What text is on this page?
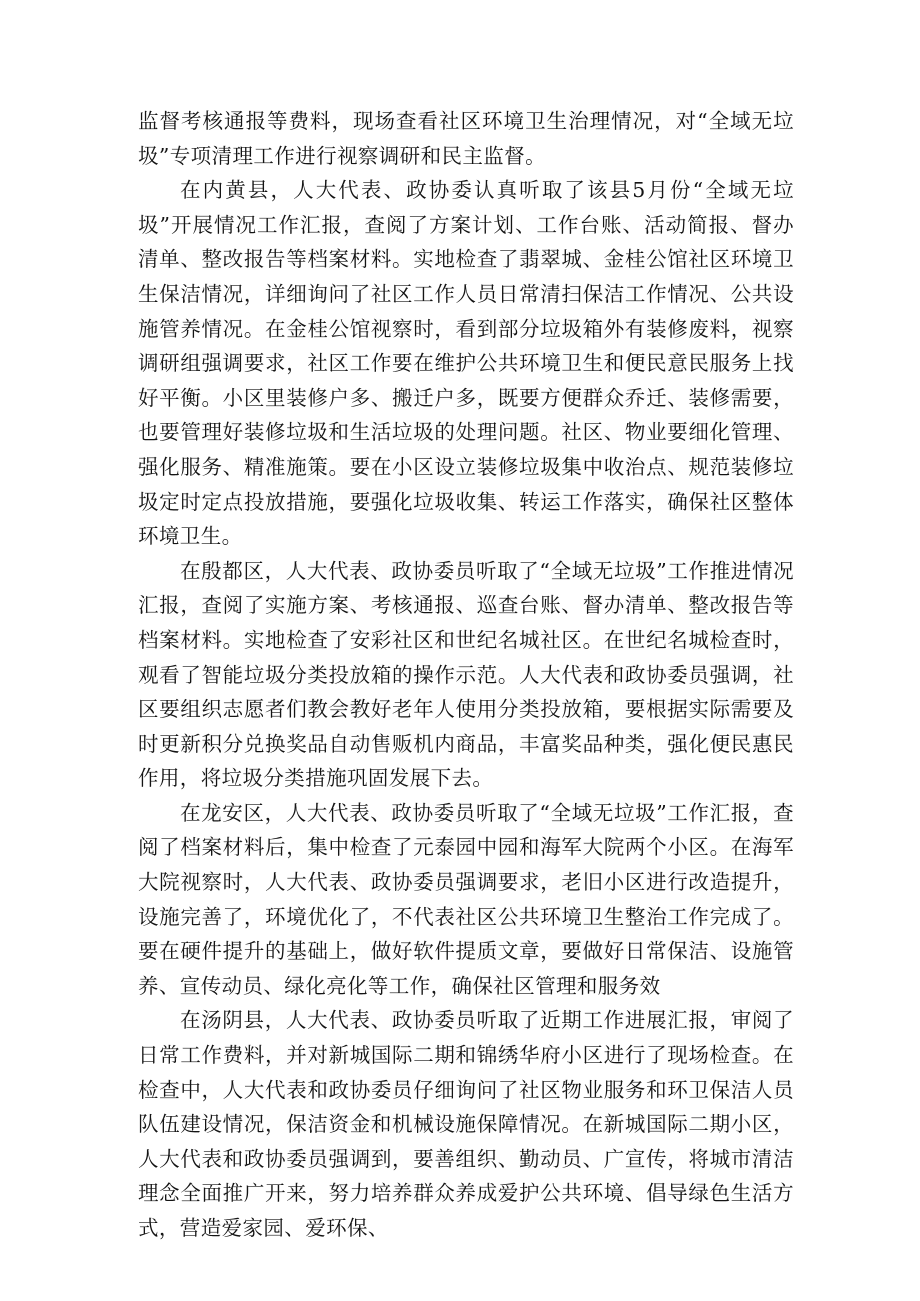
监督考核通报等费料，现场查看社区环境卫生治理情况，对“全域无垃圾”专项清理工作进行视察调研和民主监督。

在内黄县，人大代表、政协委认真听取了该县5月份“全域无垃圾”开展情况工作汇报，查阅了方案计划、工作台账、活动简报、督办清单、整改报告等档案材料。实地检查了翡翠城、金桂公馆社区环境卫生保洁情况，详细询问了社区工作人员日常清扫保洁工作情况、公共设施管养情况。在金桂公馆视察时，看到部分垃圾箱外有装修废料，视察调研组强调要求，社区工作要在维护公共环境卫生和便民意民服务上找好平衡。小区里装修户多、搬迁户多，既要方便群众乔迁、装修需要，也要管理好装修垃圾和生活垃圾的处理问题。社区、物业要细化管理、强化服务、精准施策。要在小区设立装修垃圾集中收治点、规范装修垃圾定时定点投放措施，要强化垃圾收集、转运工作落实，确保社区整体环境卫生。

在殷都区，人大代表、政协委员听取了“全域无垃圾”工作推进情况汇报，查阅了实施方案、考核通报、巡查台账、督办清单、整改报告等档案材料。实地检查了安彩社区和世纪名城社区。在世纪名城检查时，观看了智能垃圾分类投放箱的操作示范。人大代表和政协委员强调，社区要组织志愿者们教会教好老年人使用分类投放箱，要根据实际需要及时更新积分兑换奖品自动售贩机内商品，丰富奖品种类，强化便民惠民作用，将垃圾分类措施巩固发展下去。

在龙安区，人大代表、政协委员听取了“全域无垃圾”工作汇报，查阅了档案材料后，集中检查了元泰园中园和海军大院两个小区。在海军大院视察时，人大代表、政协委员强调要求，老旧小区进行改造提升，设施完善了，环境优化了，不代表社区公共环境卫生整治工作完成了。要在硬件提升的基础上，做好软件提质文章，要做好日常保洁、设施管养、宣传动员、绿化亮化等工作，确保社区管理和服务效

在汤阴县，人大代表、政协委员听取了近期工作进展汇报，审阅了日常工作费料，并对新城国际二期和锦绣华府小区进行了现场检查。在检查中，人大代表和政协委员仔细询问了社区物业服务和环卫保洁人员队伍建设情况，保洁资金和机械设施保障情况。在新城国际二期小区，人大代表和政协委员强调到，要善组织、勤动员、广宣传，将城市清洁理念全面推广开来，努力培养群众养成爱护公共环境、倡导绿色生活方式，营造爱家园、爱环保、
